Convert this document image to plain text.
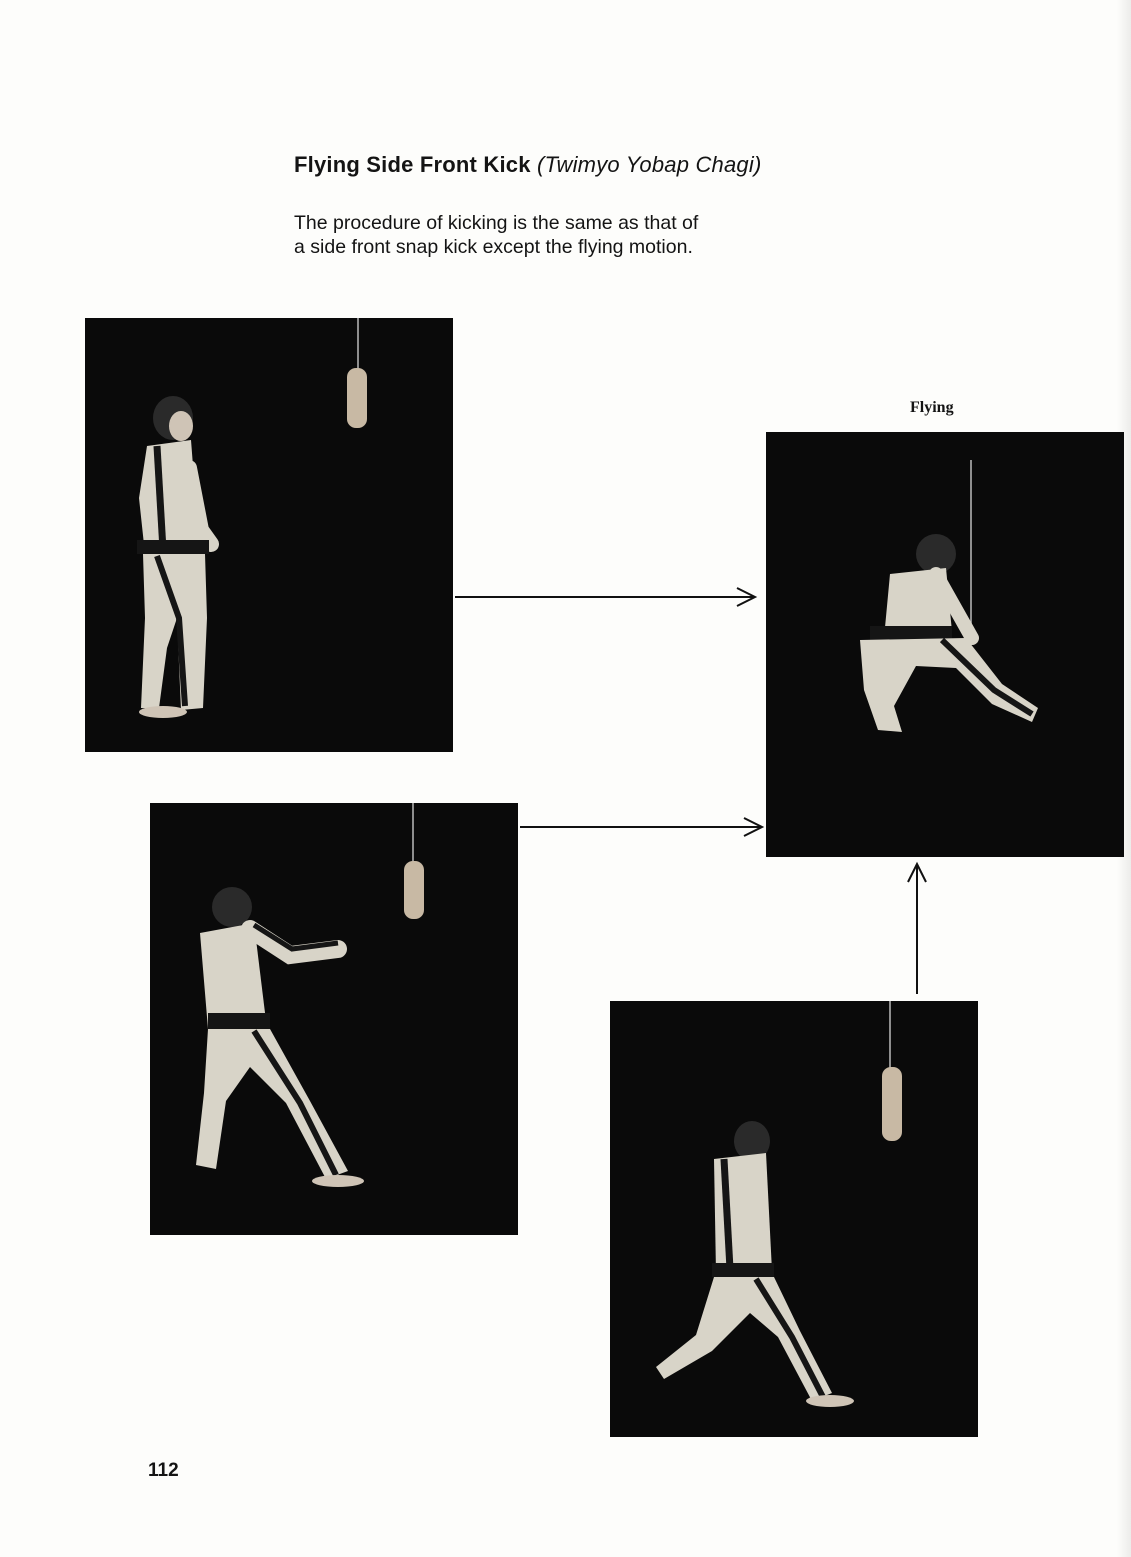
Flying Side Front Kick (Twimyo Yobap Chagi)
The procedure of kicking is the same as that of
a side front snap kick except the flying motion.
Flying
112
